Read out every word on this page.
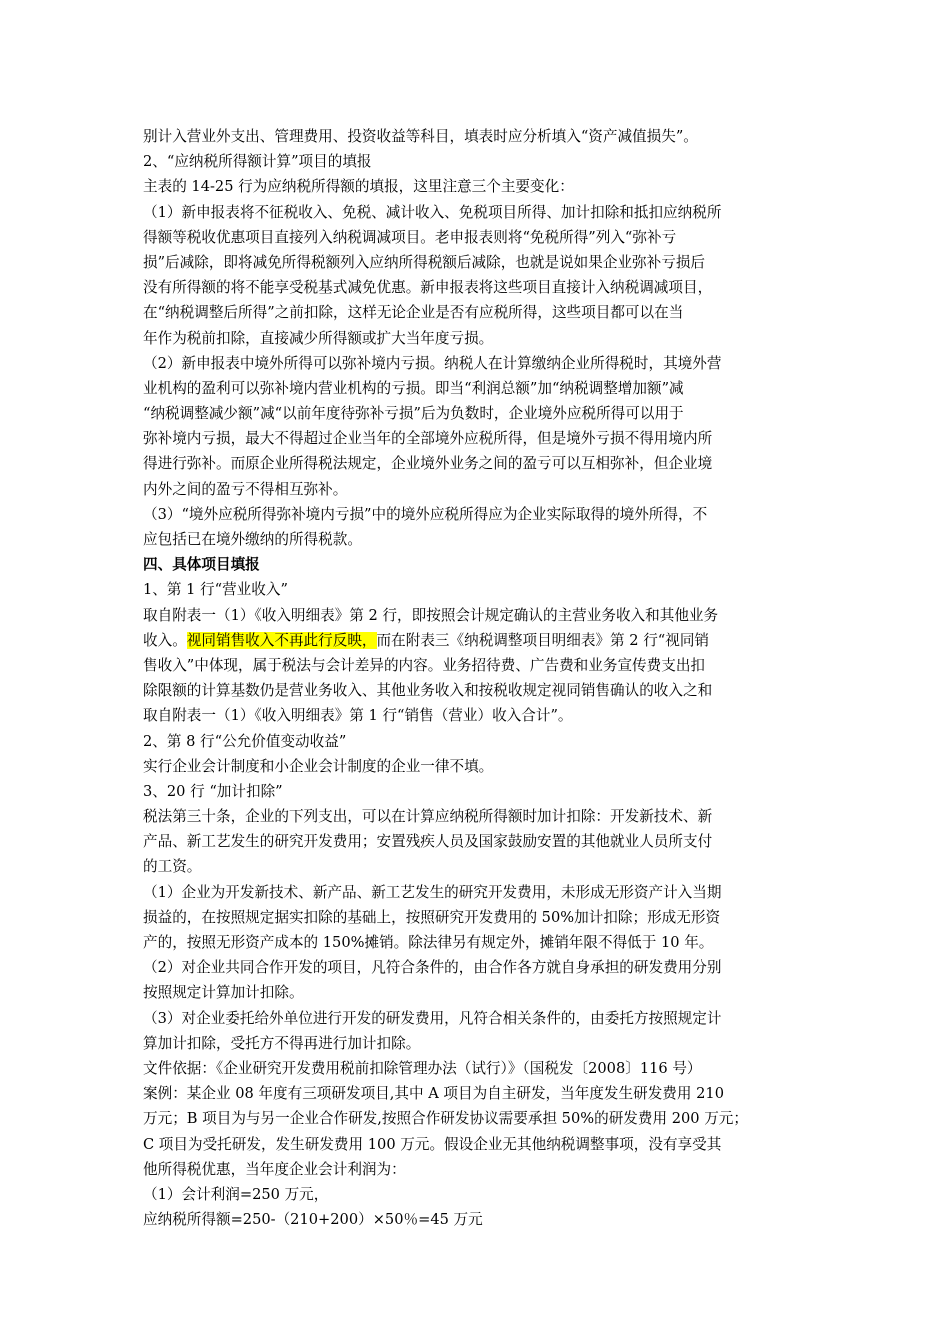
别计入营业外支出、管理费用、投资收益等科目，填表时应分析填入“资产减值损失”。
2、“应纳税所得额计算”项目的填报
主表的 14-25 行为应纳税所得额的填报，这里注意三个主要变化：
（1）新申报表将不征税收入、免税、减计收入、免税项目所得、加计扣除和抵扣应纳税所
得额等税收优惠项目直接列入纳税调减项目。老申报表则将“免税所得”列入“弥补亏
损”后减除，即将减免所得税额列入应纳所得税额后减除，也就是说如果企业弥补亏损后
没有所得额的将不能享受税基式减免优惠。新申报表将这些项目直接计入纳税调减项目，
在“纳税调整后所得”之前扣除，这样无论企业是否有应税所得，这些项目都可以在当
年作为税前扣除，直接减少所得额或扩大当年度亏损。
（2）新申报表中境外所得可以弥补境内亏损。纳税人在计算缴纳企业所得税时，其境外营
业机构的盈利可以弥补境内营业机构的亏损。即当“利润总额”加“纳税调整增加额”减
“纳税调整减少额”减“以前年度待弥补亏损”后为负数时，企业境外应税所得可以用于
弥补境内亏损，最大不得超过企业当年的全部境外应税所得，但是境外亏损不得用境内所
得进行弥补。而原企业所得税法规定，企业境外业务之间的盈亏可以互相弥补，但企业境
内外之间的盈亏不得相互弥补。
（3）“境外应税所得弥补境内亏损”中的境外应税所得应为企业实际取得的境外所得，不
应包括已在境外缴纳的所得税款。
四、具体项目填报
1、第 1 行“营业收入”
取自附表一（1）《收入明细表》第 2 行，即按照会计规定确认的主营业务收入和其他业务
收入。视同销售收入不再此行反映，而在附表三《纳税调整项目明细表》第 2 行“视同销
售收入”中体现，属于税法与会计差异的内容。业务招待费、广告费和业务宣传费支出扣
除限额的计算基数仍是营业务收入、其他业务收入和按税收规定视同销售确认的收入之和
取自附表一（1）《收入明细表》第 1 行“销售（营业）收入合计”。
2、第 8 行“公允价值变动收益”
实行企业会计制度和小企业会计制度的企业一律不填。
3、20 行 “加计扣除”
税法第三十条，企业的下列支出，可以在计算应纳税所得额时加计扣除：开发新技术、新
产品、新工艺发生的研究开发费用；安置残疾人员及国家鼓励安置的其他就业人员所支付
的工资。
（1）企业为开发新技术、新产品、新工艺发生的研究开发费用，未形成无形资产计入当期
损益的，在按照规定据实扣除的基础上，按照研究开发费用的 50%加计扣除；形成无形资
产的，按照无形资产成本的 150%摊销。除法律另有规定外，摊销年限不得低于 10 年。
（2）对企业共同合作开发的项目，凡符合条件的，由合作各方就自身承担的研发费用分别
按照规定计算加计扣除。
（3）对企业委托给外单位进行开发的研发费用，凡符合相关条件的，由委托方按照规定计
算加计扣除，受托方不得再进行加计扣除。
文件依据：《企业研究开发费用税前扣除管理办法（试行）》（国税发〔2008〕116 号）
案例：某企业 08 年度有三项研发项目,其中 A 项目为自主研发，当年度发生研发费用 210
万元；B 项目为与另一企业合作研发,按照合作研发协议需要承担 50%的研发费用 200 万元；
C 项目为受托研发，发生研发费用 100 万元。假设企业无其他纳税调整事项，没有享受其
他所得税优惠，当年度企业会计利润为：
（1）会计利润=250 万元，
应纳税所得额=250-（210+200）×50％=45 万元
